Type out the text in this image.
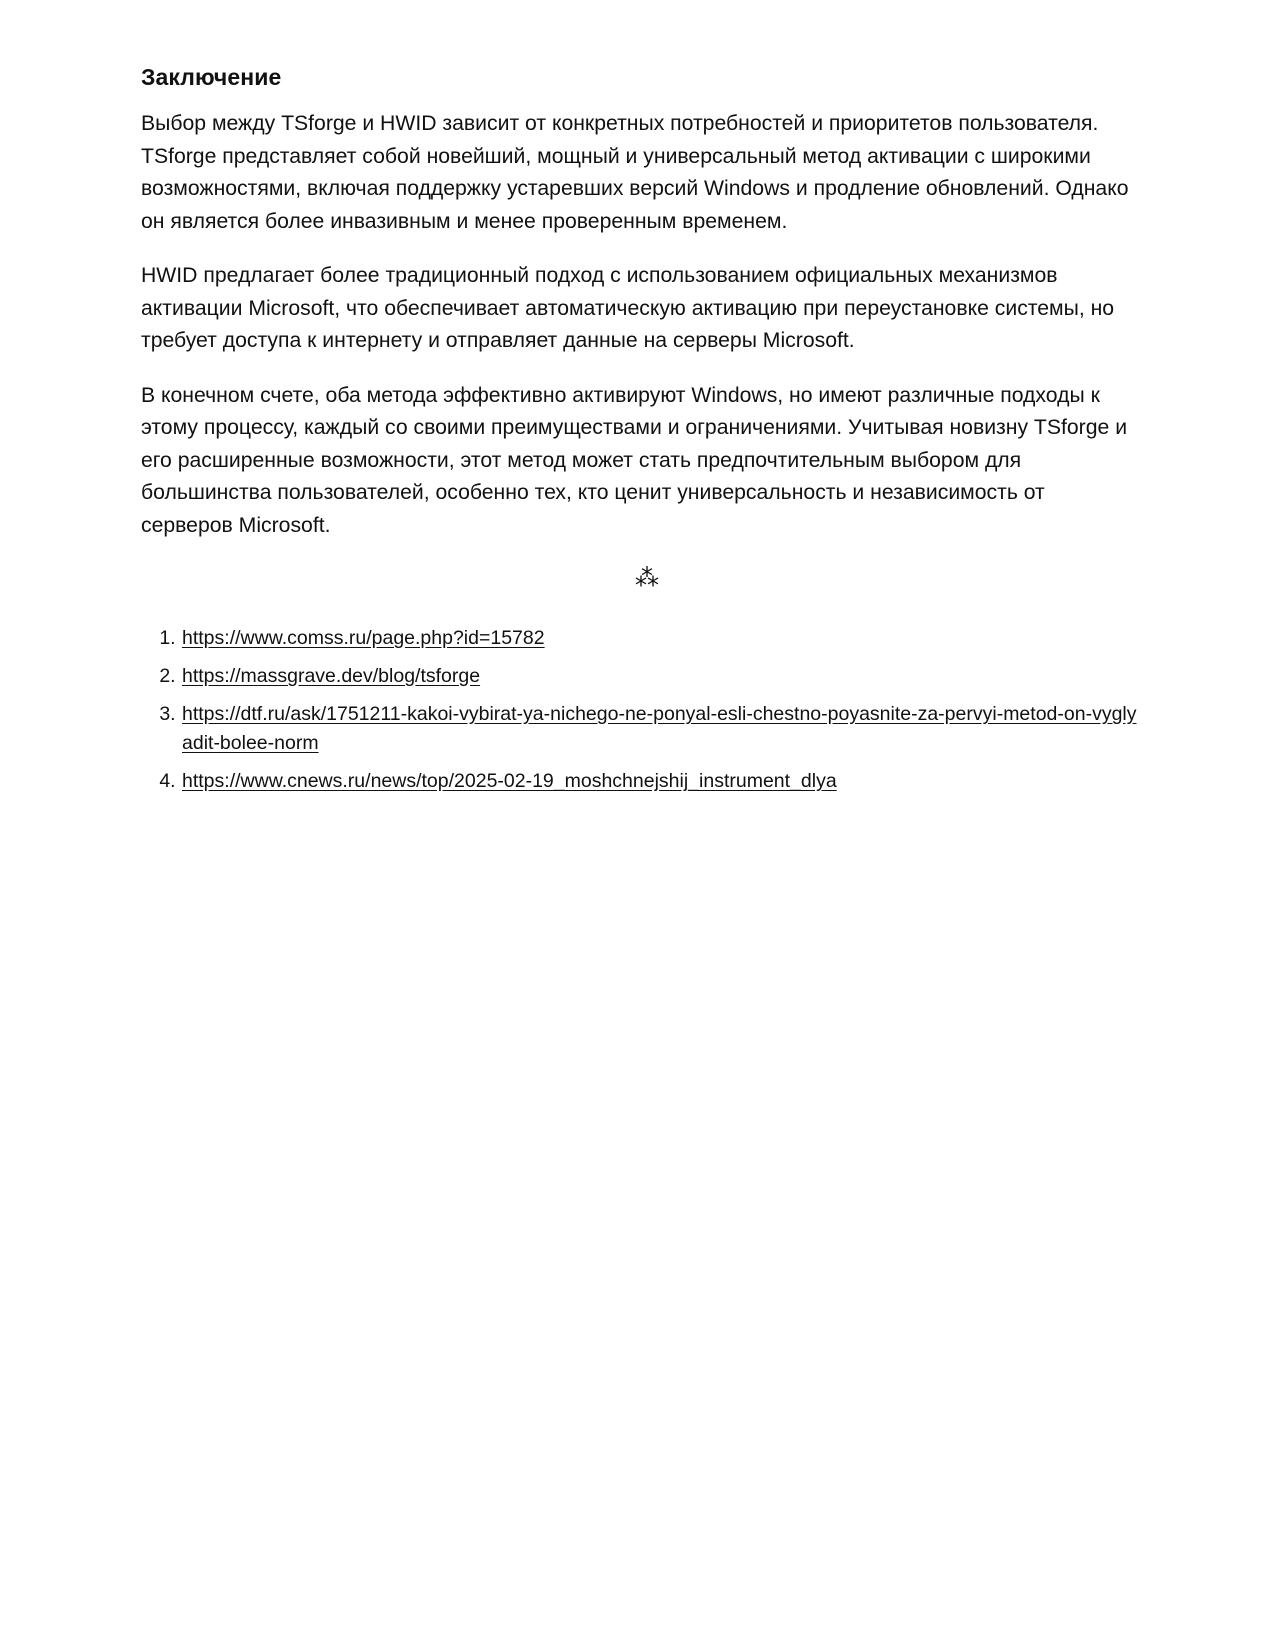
Заключение

Выбор между TSforge и HWID зависит от конкретных потребностей и приоритетов пользователя. TSforge представляет собой новейший, мощный и универсальный метод активации с широкими возможностями, включая поддержку устаревших версий Windows и продление обновлений. Однако он является более инвазивным и менее проверенным временем.

HWID предлагает более традиционный подход с использованием официальных механизмов активации Microsoft, что обеспечивает автоматическую активацию при переустановке системы, но требует доступа к интернету и отправляет данные на серверы Microsoft.

В конечном счете, оба метода эффективно активируют Windows, но имеют различные подходы к этому процессу, каждый со своими преимуществами и ограничениями. Учитывая новизну TSforge и его расширенные возможности, этот метод может стать предпочтительным выбором для большинства пользователей, особенно тех, кто ценит универсальность и независимость от серверов Microsoft.

⁂
1. https://www.comss.ru/page.php?id=15782
2. https://massgrave.dev/blog/tsforge
3. https://dtf.ru/ask/1751211-kakoi-vybirat-ya-nichego-ne-ponyal-esli-chestno-poyasnite-za-pervyi-metod-on-vyglyadit-bolee-norm
4. https://www.cnews.ru/news/top/2025-02-19_moshchnejshij_instrument_dlya
